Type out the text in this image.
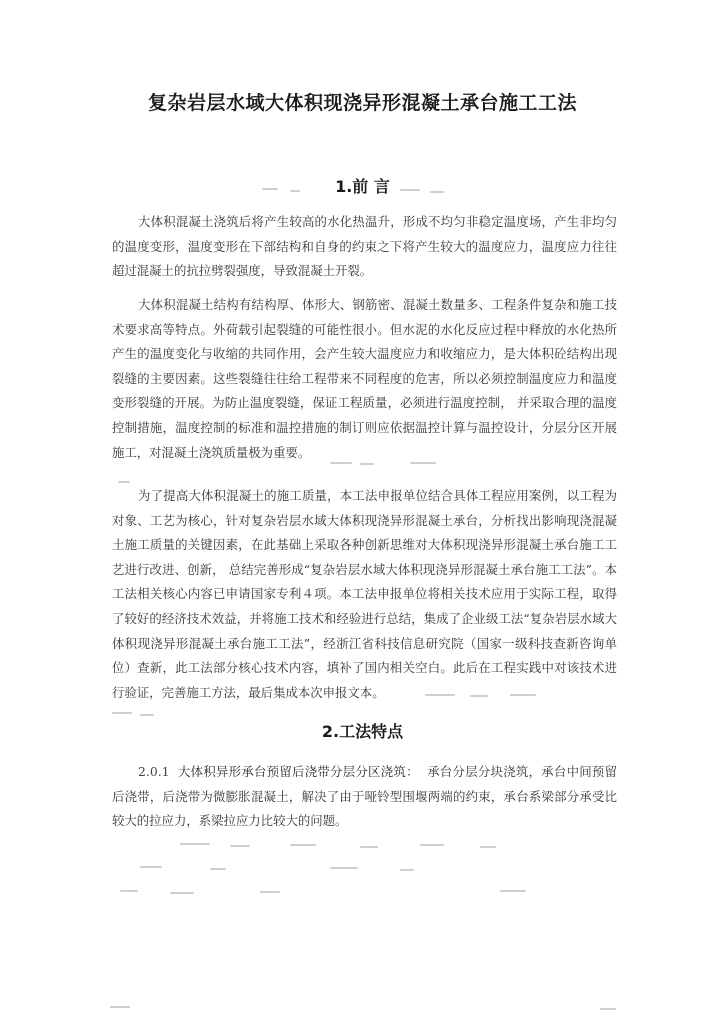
复杂岩层水域大体积现浇异形混凝土承台施工工法
1.前 言

大体积混凝土浇筑后将产生较高的水化热温升，形成不均匀非稳定温度场，产生非均匀的温度变形，温度变形在下部结构和自身的约束之下将产生较大的温度应力，温度应力往往超过混凝土的抗拉劈裂强度，导致混凝土开裂。

大体积混凝土结构有结构厚、体形大、钢筋密、混凝土数量多、工程条件复杂和施工技术要求高等特点。外荷载引起裂缝的可能性很小。但水泥的水化反应过程中释放的水化热所产生的温度变化与收缩的共同作用，会产生较大温度应力和收缩应力，是大体积砼结构出现裂缝的主要因素。这些裂缝往往给工程带来不同程度的危害，所以必须控制温度应力和温度变形裂缝的开展。为防止温度裂缝，保证工程质量，必须进行温度控制， 并采取合理的温度控制措施，温度控制的标准和温控措施的制订则应依据温控计算与温控设计，分层分区开展施工，对混凝土浇筑质量极为重要。

为了提高大体积混凝土的施工质量，本工法申报单位结合具体工程应用案例，以工程为对象、工艺为核心，针对复杂岩层水域大体积现浇异形混凝土承台，分析找出影响现浇混凝土施工质量的关键因素，在此基础上采取各种创新思维对大体积现浇异形混凝土承台施工工艺进行改进、创新， 总结完善形成“复杂岩层水域大体积现浇异形混凝土承台施工工法”。本工法相关核心内容已申请国家专利４项。本工法申报单位将相关技术应用于实际工程，取得了较好的经济技术效益，并将施工技术和经验进行总结，集成了企业级工法“复杂岩层水域大体积现浇异形混凝土承台施工工法”，经浙江省科技信息研究院（国家一级科技查新咨询单位）查新，此工法部分核心技术内容，填补了国内相关空白。此后在工程实践中对该技术进行验证，完善施工方法，最后集成本次申报文本。

2.工法特点

2.0.1 大体积异形承台预留后浇带分层分区浇筑： 承台分层分块浇筑，承台中间预留后浇带，后浇带为微膨胀混凝土，解决了由于哑铃型围堰两端的约束，承台系梁部分承受比较大的拉应力，系梁拉应力比较大的问题。
